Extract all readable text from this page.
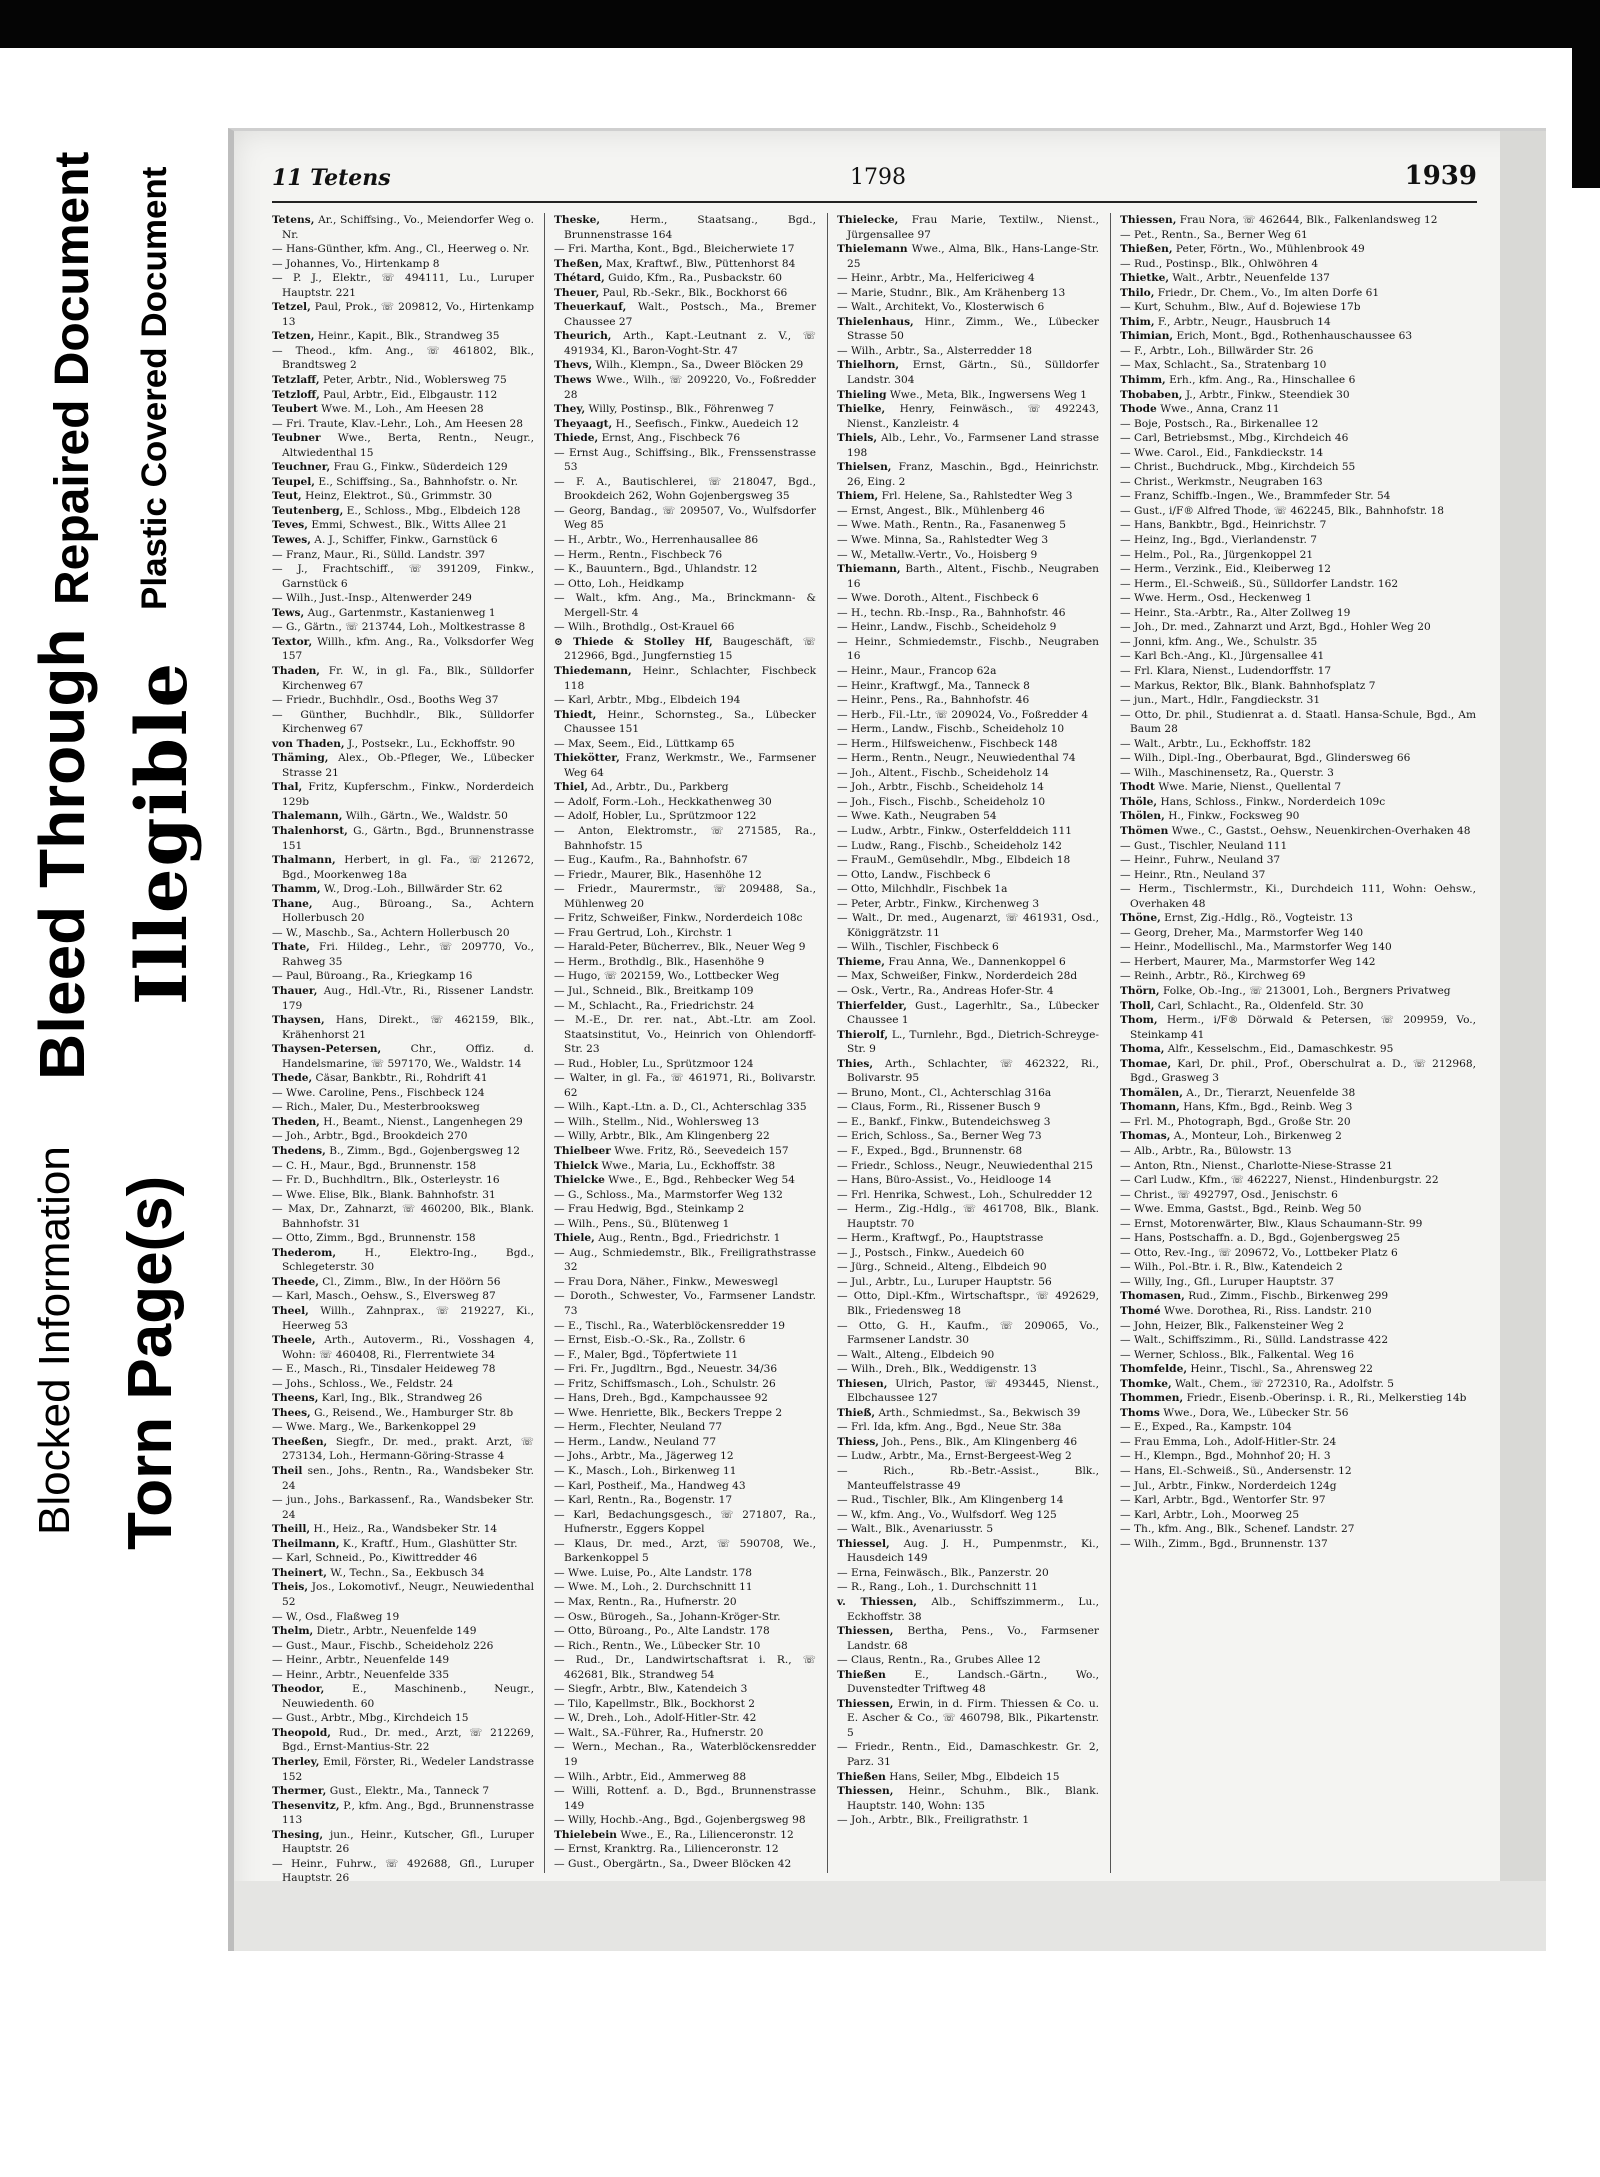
Repaired Document Plastic Covered Document
Bleed Through Illegible
Blocked Information Torn Page(s)
11 Tetens	1798	1939

Tetens, Ar., Schiffsing., Vo., Meiendorfer Weg o. Nr.

— Hans-Günther, kfm. Ang., Cl., Heerweg o. Nr.

— Johannes, Vo., Hirtenkamp 8

— P. J., Elektr., ☏ 494111, Lu., Luruper Hauptstr. 221

Tetzel, Paul, Prok., ☏ 209812, Vo., Hirtenkamp 13

Tetzen, Heinr., Kapit., Blk., Strandweg 35

— Theod., kfm. Ang., ☏ 461802, Blk., Brandtsweg 2

Tetzlaff, Peter, Arbtr., Nid., Woblersweg 75

Tetzloff, Paul, Arbtr., Eid., Elbgaustr. 112

Teubert Wwe. M., Loh., Am Heesen 28

— Fri. Traute, Klav.-Lehr., Loh., Am Heesen 28

Teubner Wwe., Berta, Rentn., Neugr., Altwiedenthal 15

Teuchner, Frau G., Finkw., Süderdeich 129

Teupel, E., Schiffsing., Sa., Bahnhofstr. o. Nr.

Teut, Heinz, Elektrot., Sü., Grimmstr. 30

Teutenberg, E., Schloss., Mbg., Elbdeich 128

Teves, Emmi, Schwest., Blk., Witts Allee 21

Tewes, A. J., Schiffer, Finkw., Garnstück 6

— Franz, Maur., Ri., Sülld. Landstr. 397

— J., Frachtschiff., ☏ 391209, Finkw., Garnstück 6

— Wilh., Just.-Insp., Altenwerder 249

Tews, Aug., Gartenmstr., Kastanienweg 1

— G., Gärtn., ☏ 213744, Loh., Moltkestrasse 8

Textor, Willh., kfm. Ang., Ra., Volksdorfer Weg 157

Thaden, Fr. W., in gl. Fa., Blk., Sülldorfer Kirchenweg 67

— Friedr., Buchhdlr., Osd., Booths Weg 37

— Günther, Buchhdlr., Blk., Sülldorfer Kirchenweg 67

von Thaden, J., Postsekr., Lu., Eckhoffstr. 90

Thäming, Alex., Ob.-Pfleger, We., Lübecker Strasse 21

Thal, Fritz, Kupferschm., Finkw., Norderdeich 129b

Thalemann, Wilh., Gärtn., We., Waldstr. 50

Thalenhorst, G., Gärtn., Bgd., Brunnenstrasse 151

Thalmann, Herbert, in gl. Fa., ☏ 212672, Bgd., Moorkenweg 18a

Thamm, W., Drog.-Loh., Billwärder Str. 62

Thane, Aug., Büroang., Sa., Achtern Hollerbusch 20

— W., Maschb., Sa., Achtern Hollerbusch 20

Thate, Fri. Hildeg., Lehr., ☏ 209770, Vo., Rahweg 35

— Paul, Büroang., Ra., Kriegkamp 16

Thauer, Aug., Hdl.-Vtr., Ri., Rissener Landstr. 179

Thaysen, Hans, Direkt., ☏ 462159, Blk., Krähenhorst 21

Thaysen-Petersen,	Chr., Offiz. d. Handelsmarine, ☏ 597170, We., Waldstr. 14

Thede, Cäsar, Bankbtr., Ri., Rohdrift 41

— Wwe. Caroline, Pens., Fischbeck 124

— Rich., Maler, Du., Mesterbrooksweg

Theden, H., Beamt., Nienst., Langenhegen 29

— Joh., Arbtr., Bgd., Brookdeich 270

Thedens, B., Zimm., Bgd., Gojenbergsweg 12

— C. H., Maur., Bgd., Brunnenstr. 158

— Fr. D., Buchhdltrn., Blk., Osterleystr. 16

— Wwe. Elise, Blk., Blank. Bahnhofstr. 31

— Max, Dr., Zahnarzt, ☏ 460200, Blk., Blank. Bahnhofstr. 31

— Otto, Zimm., Bgd., Brunnenstr. 158

Thederom,	H., Elektro-Ing., Bgd., Schlegeterstr. 30

Theede, Cl., Zimm., Blw., In der Höörn 56

— Karl, Masch., Oehsw., S., Elversweg 87

Theel, Willh., Zahnprax., ☏ 219227, Ki., Heerweg 53

Theele, Arth., Autoverm., Ri., Vosshagen 4, Wohn: ☏ 460408, Ri., Flerrentwiete 34

— E., Masch., Ri., Tinsdaler Heideweg 78

— Johs., Schloss., We., Feldstr. 24

Theens, Karl, Ing., Blk., Strandweg 26

Thees, G., Reisend., We., Hamburger Str. 8b

— Wwe. Marg., We., Barkenkoppel 29

Theeßen, Siegfr., Dr. med., prakt. Arzt, ☏ 273134, Loh., Hermann-Göring-Strasse 4

Theil sen., Johs., Rentn., Ra., Wandsbeker Str. 24

— jun., Johs., Barkassenf., Ra., Wandsbeker Str. 24

Theill, H., Heiz., Ra., Wandsbeker Str. 14

Theilmann, K., Kraftf., Hum., Glashütter Str.

— Karl, Schneid., Po., Kiwittredder 46

Theinert, W., Techn., Sa., Eekbusch 34

Theis, Jos., Lokomotivf., Neugr., Neuwiedenthal 52

— W., Osd., Flaßweg 19

Thelm, Dietr., Arbtr., Neuenfelde 149

— Gust., Maur., Fischb., Scheideholz 226

— Heinr., Arbtr., Neuenfelde 149

— Heinr., Arbtr., Neuenfelde 335

Theodor,	E., Maschinenb., Neugr., Neuwiedenth. 60

— Gust., Arbtr., Mbg., Kirchdeich 15

Theopold, Rud., Dr. med., Arzt, ☏ 212269, Bgd., Ernst-Mantius-Str. 22

Therley, Emil, Förster, Ri., Wedeler Landstrasse 152

Thermer, Gust., Elektr., Ma., Tanneck 7

Thesenvitz, P., kfm. Ang., Bgd., Brunnenstrasse 113

Thesing, jun., Heinr., Kutscher, Gfl., Luruper Hauptstr. 26

— Heinr., Fuhrw., ☏ 492688, Gfl., Luruper Hauptstr. 26

Theske,	Herm., Staatsang., Bgd., Brunnenstrasse 164

— Fri. Martha, Kont., Bgd., Bleicherwiete 17

Theßen, Max, Kraftwf., Blw., Püttenhorst 84

Thétard, Guido, Kfm., Ra., Pusbackstr. 60

Theuer, Paul, Rb.-Sekr., Blk., Bockhorst 66

Theuerkauf, Walt., Postsch., Ma., Bremer Chaussee 27

Theurich, Arth., Kapt.-Leutnant z. V., ☏ 491934, Kl., Baron-Voght-Str. 47

Thevs, Wilh., Klempn., Sa., Dweer Blöcken 29

Thews Wwe., Wilh., ☏ 209220, Vo., Foßredder 28

They, Willy, Postinsp., Blk., Föhrenweg 7

Theyaagt, H., Seefisch., Finkw., Auedeich 12

Thiede, Ernst, Ang., Fischbeck 76

— Ernst Aug., Schiffsing., Blk., Frenssenstrasse 53

— F. A., Bautischlerei, ☏ 218047, Bgd., Brookdeich 262, Wohn Gojenbergsweg 35

— Georg, Bandag., ☏ 209507, Vo., Wulfsdorfer Weg 85

— H., Arbtr., Wo., Herrenhausallee 86

— Herm., Rentn., Fischbeck 76

— K., Bauuntern., Bgd., Uhlandstr. 12

— Otto, Loh., Heidkamp

— Walt., kfm. Ang., Ma., Brinckmann- & Mergell-Str. 4

— Wilh., Brothdlg., Ost-Krauel 66

⊙ Thiede & Stolley Hf, Baugeschäft, ☏ 212966, Bgd., Jungfernstieg 15

Thiedemann, Heinr., Schlachter, Fischbeck 118

— Karl, Arbtr., Mbg., Elbdeich 194

Thiedt, Heinr., Schornsteg., Sa., Lübecker Chaussee 151

— Max, Seem., Eid., Lüttkamp 65

Thiekötter, Franz, Werkmstr., We., Farmsener Weg 64

Thiel, Ad., Arbtr., Du., Parkberg

— Adolf, Form.-Loh., Heckkathenweg 30

— Adolf, Hobler, Lu., Sprützmoor 122

— Anton, Elektromstr., ☏ 271585, Ra., Bahnhofstr. 15

— Eug., Kaufm., Ra., Bahnhofstr. 67

— Friedr., Maurer, Blk., Hasenhöhe 12

— Friedr., Maurermstr., ☏ 209488, Sa., Mühlenweg 20

— Fritz, Schweißer, Finkw., Norderdeich 108c

— Frau Gertrud, Loh., Kirchstr. 1

— Harald-Peter, Bücherrev., Blk., Neuer Weg 9

— Herm., Brothdlg., Blk., Hasenhöhe 9

— Hugo, ☏ 202159, Wo., Lottbecker Weg

— Jul., Schneid., Blk., Breitkamp 109

— M., Schlacht., Ra., Friedrichstr. 24

— M.-E., Dr. rer. nat., Abt.-Ltr. am Zool. Staatsinstitut, Vo., Heinrich von Ohlendorff-Str. 23

— Rud., Hobler, Lu., Sprützmoor 124

— Walter, in gl. Fa., ☏ 461971, Ri., Bolivarstr. 62

— Wilh., Kapt.-Ltn. a. D., Cl., Achterschlag 335

— Wilh., Stellm., Nid., Wohlersweg 13

— Willy, Arbtr., Blk., Am Klingenberg 22

Thielbeer Wwe. Fritz, Rö., Seevedeich 157

Thielck Wwe., Maria, Lu., Eckhoffstr. 38

Thielcke Wwe., E., Bgd., Rehbecker Weg 54

— G., Schloss., Ma., Marmstorfer Weg 132

— Frau Hedwig, Bgd., Steinkamp 2

— Wilh., Pens., Sü., Blütenweg 1

Thiele, Aug., Rentn., Bgd., Friedrichstr. 1

— Aug., Schmiedemstr., Blk., Freiligrathstrasse 32

— Frau Dora, Näher., Finkw., Meweswegl

— Doroth., Schwester, Vo., Farmsener Landstr. 73

— E., Tischl., Ra., Waterblöckensredder 19

— Ernst, Eisb.-O.-Sk., Ra., Zollstr. 6

— F., Maler, Bgd., Töpfertwiete 11

— Fri. Fr., Jugdltrn., Bgd., Neuestr. 34/36

— Fritz, Schiffsmasch., Loh., Schulstr. 26

— Hans, Dreh., Bgd., Kampchaussee 92

— Wwe. Henriette, Blk., Beckers Treppe 2

— Herm., Flechter, Neuland 77

— Herm., Landw., Neuland 77

— Johs., Arbtr., Ma., Jägerweg 12

— K., Masch., Loh., Birkenweg 11

— Karl, Postheif., Ma., Handweg 43

— Karl, Rentn., Ra., Bogenstr. 17

— Karl, Bedachungsgesch., ☏ 271807, Ra., Hufnerstr., Eggers Koppel

— Klaus, Dr. med., Arzt, ☏ 590708, We., Barkenkoppel 5

— Wwe. Luise, Po., Alte Landstr. 178

— Wwe. M., Loh., 2. Durchschnitt 11

— Max, Rentn., Ra., Hufnerstr. 20

— Osw., Bürogeh., Sa., Johann-Kröger-Str.

— Otto, Büroang., Po., Alte Landstr. 178

— Rich., Rentn., We., Lübecker Str. 10

— Rud., Dr., Landwirtschaftsrat i. R., ☏ 462681, Blk., Strandweg 54

— Siegfr., Arbtr., Blw., Katendeich 3

— Tilo, Kapellmstr., Blk., Bockhorst 2

— W., Dreh., Loh., Adolf-Hitler-Str. 42

— Walt., SA.-Führer, Ra., Hufnerstr. 20

— Wern., Mechan., Ra., Waterblöckensredder 19

— Wilh., Arbtr., Eid., Ammerweg 88

— Willi, Rottenf. a. D., Bgd., Brunnenstrasse 149

— Willy, Hochb.-Ang., Bgd., Gojenbergsweg 98

Thielebein Wwe., E., Ra., Lilienceronstr. 12

— Ernst, Kranktrg. Ra., Lilienceronstr. 12

— Gust., Obergärtn., Sa., Dweer Blöcken 42

Thielecke, Frau Marie, Textilw., Nienst., Jürgensallee 97

Thielemann Wwe., Alma, Blk., Hans-Lange-Str. 25

— Heinr., Arbtr., Ma., Helfericiweg 4

— Marie, Studnr., Blk., Am Krähenberg 13

— Walt., Architekt, Vo., Klosterwisch 6

Thielenhaus, Hinr., Zimm., We., Lübecker Strasse 50

— Wilh., Arbtr., Sa., Alsterredder 18

Thielhorn, Ernst, Gärtn., Sü., Sülldorfer Landstr. 304

Thieling Wwe., Meta, Blk., Ingwersens Weg 1

Thielke, Henry, Feinwäsch., ☏ 492243, Nienst., Kanzleistr. 4

Thiels, Alb., Lehr., Vo., Farmsener Land strasse 198

Thielsen, Franz, Maschin., Bgd., Heinrichstr. 26, Eing. 2

Thiem, Frl. Helene, Sa., Rahlstedter Weg 3

— Ernst, Angest., Blk., Mühlenberg 46

— Wwe. Math., Rentn., Ra., Fasanenweg 5

— Wwe. Minna, Sa., Rahlstedter Weg 3

— W., Metallw.-Vertr., Vo., Hoisberg 9

Thiemann, Barth., Altent., Fischb., Neugraben 16

— Wwe. Doroth., Altent., Fischbeck 6

— H., techn. Rb.-Insp., Ra., Bahnhofstr. 46

— Heinr., Landw., Fischb., Scheideholz 9

— Heinr., Schmiedemstr., Fischb., Neugraben 16

— Heinr., Maur., Francop 62a

— Heinr., Kraftwgf., Ma., Tanneck 8

— Heinr., Pens., Ra., Bahnhofstr. 46

— Herb., Fil.-Ltr., ☏ 209024, Vo., Foßredder 4

— Herm., Landw., Fischb., Scheideholz 10

— Herm., Hilfsweichenw., Fischbeck 148

— Herm., Rentn., Neugr., Neuwiedenthal 74

— Joh., Altent., Fischb., Scheideholz 14

— Joh., Arbtr., Fischb., Scheideholz 14

— Joh., Fisch., Fischb., Scheideholz 10

— Wwe. Kath., Neugraben 54

— Ludw., Arbtr., Finkw., Osterfelddeich 111

— Ludw., Rang., Fischb., Scheideholz 142

— FrauM., Gemüsehdlr., Mbg., Elbdeich 18

— Otto, Landw., Fischbeck 6

— Otto, Milchhdlr., Fischbek 1a

— Peter, Arbtr., Finkw., Kirchenweg 3

— Walt., Dr. med., Augenarzt, ☏ 461931, Osd., Königgrätzstr. 11

— Wilh., Tischler, Fischbeck 6

Thieme, Frau Anna, We., Dannenkoppel 6

— Max, Schweißer, Finkw., Norderdeich 28d

— Osk., Vertr., Ra., Andreas Hofer-Str. 4

Thierfelder, Gust., Lagerhltr., Sa., Lübecker Chaussee 1

Thierolf, L., Turnlehr., Bgd., Dietrich-Schreyge-Str. 9

Thies, Arth., Schlachter, ☏ 462322, Ri., Bolivarstr. 95

— Bruno, Mont., Cl., Achterschlag 316a

— Claus, Form., Ri., Rissener Busch 9

— E., Bankf., Finkw., Butendeichsweg 3

— Erich, Schloss., Sa., Berner Weg 73

— F., Exped., Bgd., Brunnenstr. 68

— Friedr., Schloss., Neugr., Neuwiedenthal 215

— Hans, Büro-Assist., Vo., Heidlooge 14

— Frl. Henrika, Schwest., Loh., Schulredder 12

— Herm., Zig.-Hdlg., ☏ 461708, Blk., Blank. Hauptstr. 70

— Herm., Kraftwgf., Po., Hauptstrasse

— J., Postsch., Finkw., Auedeich 60

— Jürg., Schneid., Alteng., Elbdeich 90

— Jul., Arbtr., Lu., Luruper Hauptstr. 56

— Otto, Dipl.-Kfm., Wirtschaftspr., ☏ 492629, Blk., Friedensweg 18

— Otto, G. H., Kaufm., ☏ 209065, Vo., Farmsener Landstr. 30

— Walt., Alteng., Elbdeich 90

— Wilh., Dreh., Blk., Weddigenstr. 13

Thiesen, Ulrich, Pastor, ☏ 493445, Nienst., Elbchaussee 127

Thieß, Arth., Schmiedmst., Sa., Bekwisch 39

— Frl. Ida, kfm. Ang., Bgd., Neue Str. 38a

Thiess, Joh., Pens., Blk., Am Klingenberg 46

— Ludw., Arbtr., Ma., Ernst-Bergeest-Weg 2

— Rich., Rb.-Betr.-Assist., Blk., Manteuffelstrasse 49

— Rud., Tischler, Blk., Am Klingenberg 14

— W., kfm. Ang., Vo., Wulfsdorf. Weg 125

— Walt., Blk., Avenariusstr. 5

Thiessel, Aug. J. H., Pumpenmstr., Ki., Hausdeich 149

— Erna, Feinwäsch., Blk., Panzerstr. 20

— R., Rang., Loh., 1. Durchschnitt 11

v. Thiessen, Alb., Schiffszimmerm., Lu., Eckhoffstr. 38

Thiessen, Bertha, Pens., Vo., Farmsener Landstr. 68

— Claus, Rentn., Ra., Grubes Allee 12

Thießen	E., Landsch.-Gärtn., Wo., Duvenstedter Triftweg 48

Thiessen, Erwin, in d. Firm. Thiessen & Co. u. E. Ascher & Co., ☏ 460798, Blk., Pikartenstr. 5

— Friedr., Rentn., Eid., Damaschkestr. Gr. 2, Parz. 31

Thießen Hans, Seiler, Mbg., Elbdeich 15

Thiessen, Heinr., Schuhm., Blk., Blank. Hauptstr. 140, Wohn: 135

— Joh., Arbtr., Blk., Freiligrathstr. 1

Thiessen, Frau Nora, ☏ 462644, Blk., Falkenlandsweg 12

— Pet., Rentn., Sa., Berner Weg 61

Thießen, Peter, Förtn., Wo., Mühlenbrook 49

— Rud., Postinsp., Blk., Ohlwöhren 4

Thietke, Walt., Arbtr., Neuenfelde 137

Thilo, Friedr., Dr. Chem., Vo., Im alten Dorfe 61

— Kurt, Schuhm., Blw., Auf d. Bojewiese 17b

Thim, F., Arbtr., Neugr., Hausbruch 14

Thimian, Erich, Mont., Bgd., Rothenhauschaussee 63

— F., Arbtr., Loh., Billwärder Str. 26

— Max, Schlacht., Sa., Stratenbarg 10

Thimm, Erh., kfm. Ang., Ra., Hinschallee 6

Thobaben, J., Arbtr., Finkw., Steendiek 30

Thode Wwe., Anna, Cranz 11

— Boje, Postsch., Ra., Birkenallee 12

— Carl, Betriebsmst., Mbg., Kirchdeich 46

— Wwe. Carol., Eid., Fankdieckstr. 14

— Christ., Buchdruck., Mbg., Kirchdeich 55

— Christ., Werkmstr., Neugraben 163

— Franz, Schiffb.-Ingen., We., Brammfeder Str. 54

— Gust., i/F® Alfred Thode, ☏ 462245, Blk., Bahnhofstr. 18

— Hans, Bankbtr., Bgd., Heinrichstr. 7

— Heinz, Ing., Bgd., Vierlandenstr. 7

— Helm., Pol., Ra., Jürgenkoppel 21

— Herm., Verzink., Eid., Kleiberweg 12

— Herm., El.-Schweiß., Sü., Sülldorfer Landstr. 162

— Wwe. Herm., Osd., Heckenweg 1

— Heinr., Sta.-Arbtr., Ra., Alter Zollweg 19

— Joh., Dr. med., Zahnarzt und Arzt, Bgd., Hohler Weg 20

— Jonni, kfm. Ang., We., Schulstr. 35

— Karl Bch.-Ang., Kl., Jürgensallee 41

— Frl. Klara, Nienst., Ludendorffstr. 17

— Markus, Rektor, Blk., Blank. Bahnhofsplatz 7

— jun., Mart., Hdlr., Fangdieckstr. 31

— Otto, Dr. phil., Studienrat a. d. Staatl. Hansa-Schule, Bgd., Am Baum 28

— Walt., Arbtr., Lu., Eckhoffstr. 182

— Wilh., Dipl.-Ing., Oberbaurat, Bgd., Glindersweg 66

— Wilh., Maschinensetz, Ra., Querstr. 3

Thodt Wwe. Marie, Nienst., Quellental 7

Thöle, Hans, Schloss., Finkw., Norderdeich 109c

Thölen, H., Finkw., Focksweg 90

Thömen Wwe., C., Gastst., Oehsw., Neuenkirchen-Overhaken 48

— Gust., Tischler, Neuland 111

— Heinr., Fuhrw., Neuland 37

— Heinr., Rtn., Neuland 37

— Herm., Tischlermstr., Ki., Durchdeich 111, Wohn: Oehsw., Overhaken 48

Thöne, Ernst, Zig.-Hdlg., Rö., Vogteistr. 13

— Georg, Dreher, Ma., Marmstorfer Weg 140

— Heinr., Modellischl., Ma., Marmstorfer Weg 140

— Herbert, Maurer, Ma., Marmstorfer Weg 142

— Reinh., Arbtr., Rö., Kirchweg 69

Thörn, Folke, Ob.-Ing., ☏ 213001, Loh., Bergners Privatweg

Tholl, Carl, Schlacht., Ra., Oldenfeld. Str. 30

Thom, Herm., i/F® Dörwald & Petersen, ☏ 209959, Vo., Steinkamp 41

Thoma, Alfr., Kesselschm., Eid., Damaschkestr. 95

Thomae, Karl, Dr. phil., Prof., Oberschulrat a. D., ☏ 212968, Bgd., Grasweg 3

Thomälen, A., Dr., Tierarzt, Neuenfelde 38

Thomann, Hans, Kfm., Bgd., Reinb. Weg 3

— Frl. M., Photograph, Bgd., Große Str. 20

Thomas, A., Monteur, Loh., Birkenweg 2

— Alb., Arbtr., Ra., Bülowstr. 13

— Anton, Rtn., Nienst., Charlotte-Niese-Strasse 21

— Carl Ludw., Kfm., ☏ 462227, Nienst., Hindenburgstr. 22

— Christ., ☏ 492797, Osd., Jenischstr. 6

— Wwe. Emma, Gastst., Bgd., Reinb. Weg 50

— Ernst, Motorenwärter, Blw., Klaus Schaumann-Str. 99

— Hans, Postschaffn. a. D., Bgd., Gojenbergsweg 25

— Otto, Rev.-Ing., ☏ 209672, Vo., Lottbeker Platz 6

— Wilh., Pol.-Btr. i. R., Blw., Katendeich 2

— Willy, Ing., Gfl., Luruper Hauptstr. 37

Thomasen, Rud., Zimm., Fischb., Birkenweg 299

Thomé Wwe. Dorothea, Ri., Riss. Landstr. 210

— John, Heizer, Blk., Falkensteiner Weg 2

— Walt., Schiffszimm., Ri., Sülld. Landstrasse 422

— Werner, Schloss., Blk., Falkental. Weg 16

Thomfelde, Heinr., Tischl., Sa., Ahrensweg 22

Thomke, Walt., Chem., ☏ 272310, Ra., Adolfstr. 5

Thommen, Friedr., Eisenb.-Oberinsp. i. R., Ri., Melkerstieg 14b

Thoms Wwe., Dora, We., Lübecker Str. 56

— E., Exped., Ra., Kampstr. 104

— Frau Emma, Loh., Adolf-Hitler-Str. 24

— H., Klempn., Bgd., Mohnhof 20; H. 3

— Hans, El.-Schweiß., Sü., Andersenstr. 12

— Jul., Arbtr., Finkw., Norderdeich 124g

— Karl, Arbtr., Bgd., Wentorfer Str. 97

— Karl, Arbtr., Loh., Moorweg 25

— Th., kfm. Ang., Blk., Schenef. Landstr. 27

— Wilh., Zimm., Bgd., Brunnenstr. 137
